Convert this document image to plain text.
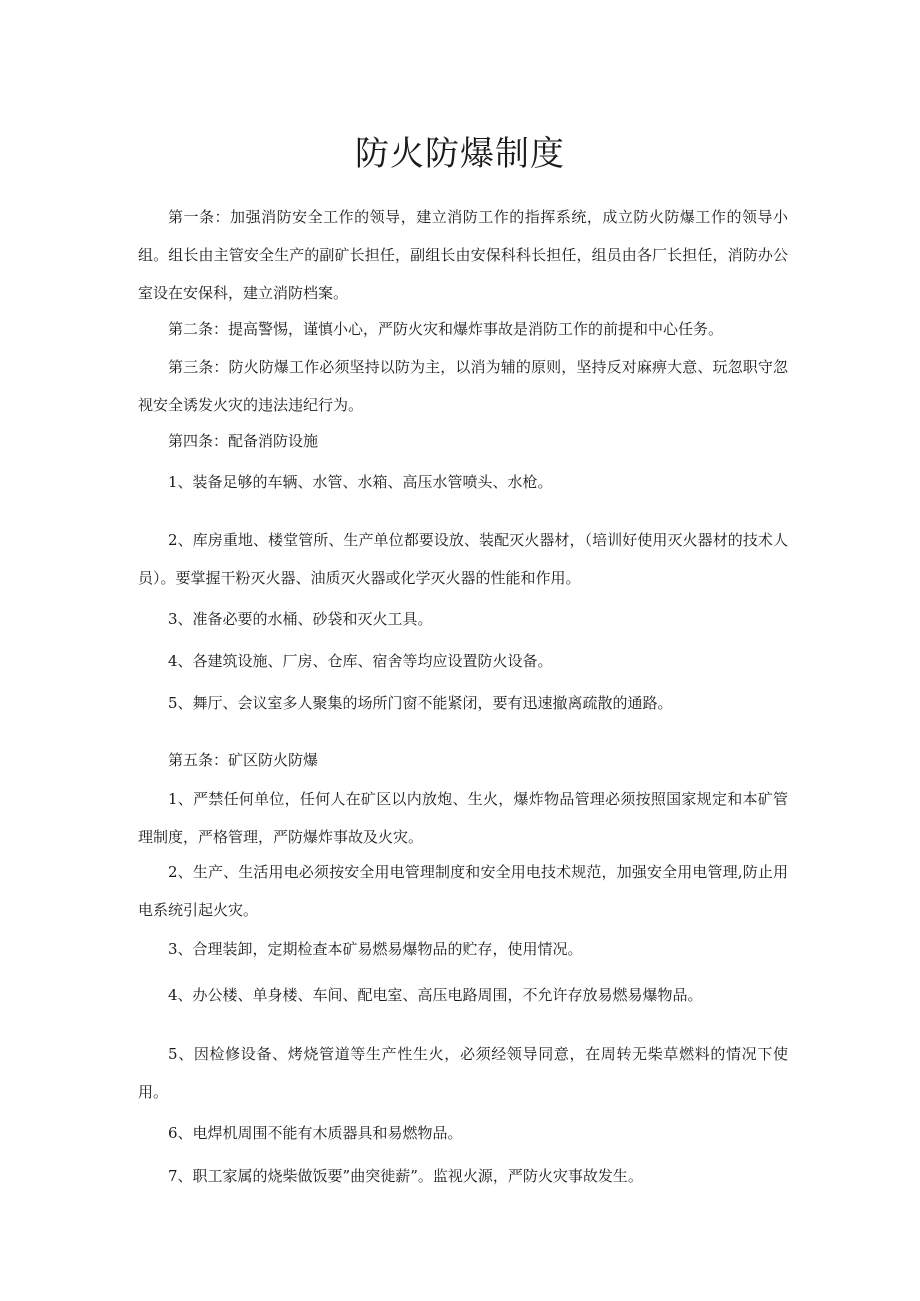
防火防爆制度

第一条：加强消防安全工作的领导，建立消防工作的指挥系统，成立防火防爆工作的领导小组。组长由主管安全生产的副矿长担任，副组长由安保科科长担任，组员由各厂长担任，消防办公室设在安保科，建立消防档案。

第二条：提高警惕，谨慎小心，严防火灾和爆炸事故是消防工作的前提和中心任务。

第三条：防火防爆工作必须坚持以防为主，以消为辅的原则，坚持反对麻痹大意、玩忽职守忽视安全诱发火灾的违法违纪行为。

第四条：配备消防设施

1、装备足够的车辆、水管、水箱、高压水管喷头、水枪。

2、库房重地、楼堂管所、生产单位都要设放、装配灭火器材，（培训好使用灭火器材的技术人员）。要掌握干粉灭火器、油质灭火器或化学灭火器的性能和作用。

3、准备必要的水桶、砂袋和灭火工具。

4、各建筑设施、厂房、仓库、宿舍等均应设置防火设备。

5、舞厅、会议室多人聚集的场所门窗不能紧闭，要有迅速撤离疏散的通路。

第五条：矿区防火防爆

1、严禁任何单位，任何人在矿区以内放炮、生火，爆炸物品管理必须按照国家规定和本矿管理制度，严格管理，严防爆炸事故及火灾。

2、生产、生活用电必须按安全用电管理制度和安全用电技术规范，加强安全用电管理,防止用电系统引起火灾。

3、合理装卸，定期检查本矿易燃易爆物品的贮存，使用情况。

4、办公楼、单身楼、车间、配电室、高压电路周围，不允许存放易燃易爆物品。

5、因检修设备、烤烧管道等生产性生火，必须经领导同意，在周转无柴草燃料的情况下使用。

6、电焊机周围不能有木质器具和易燃物品。

7、职工家属的烧柴做饭要”曲突徙薪”。监视火源，严防火灾事故发生。
